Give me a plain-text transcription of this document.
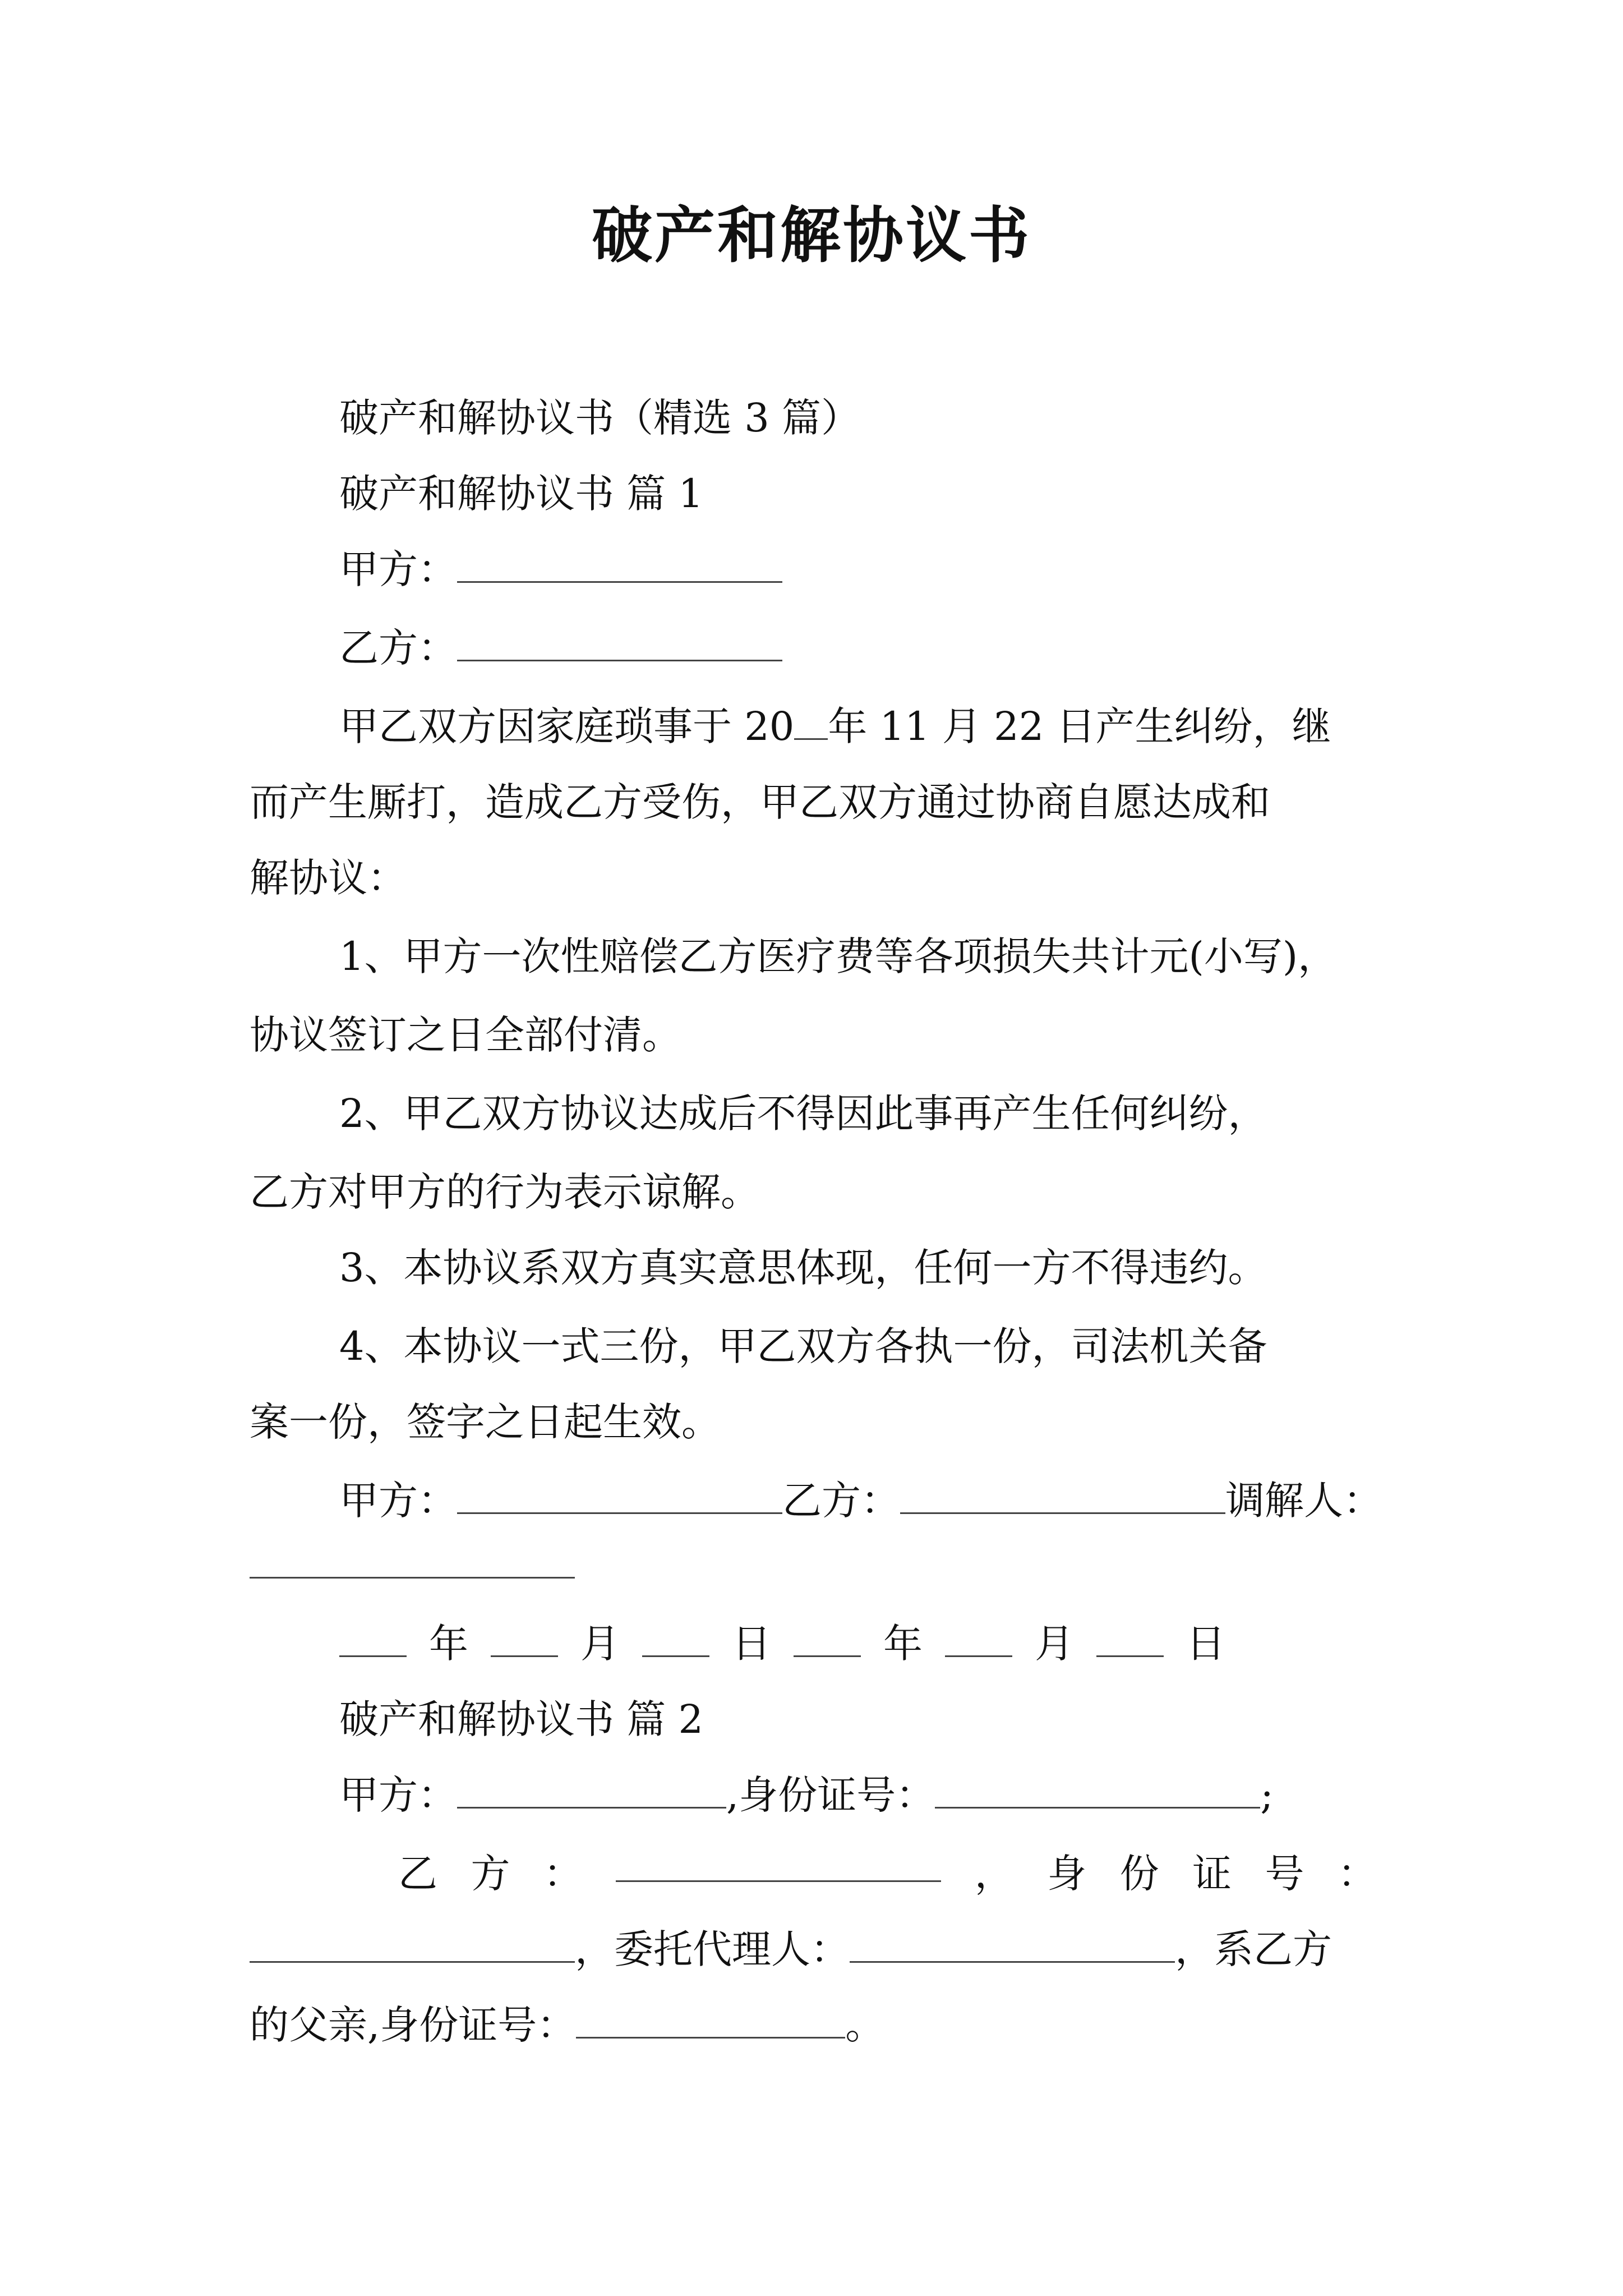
破产和解协议书
破产和解协议书（精选 3 篇）
破产和解协议书 篇 1
甲方：
乙方：
甲乙双方因家庭琐事于 20 年 11 月 22 日产生纠纷，继
而产生厮打，造成乙方受伤，甲乙双方通过协商自愿达成和
解协议：
1、甲方一次性赔偿乙方医疗费等各项损失共计元(小写)，
协议签订之日全部付清。
2、甲乙双方协议达成后不得因此事再产生任何纠纷，
乙方对甲方的行为表示谅解。
3、本协议系双方真实意思体现，任何一方不得违约。
4、本协议一式三份，甲乙双方各执一份，司法机关备
案一份，签字之日起生效。
甲方：	乙方：	调解人：
年	月	日	年	月	日
破产和解协议书 篇 2
甲方：	,身份证号：	;
乙 方 ：	， 身 份 证 号 ：
，委托代理人：	，系乙方
的父亲,身份证号：	。
